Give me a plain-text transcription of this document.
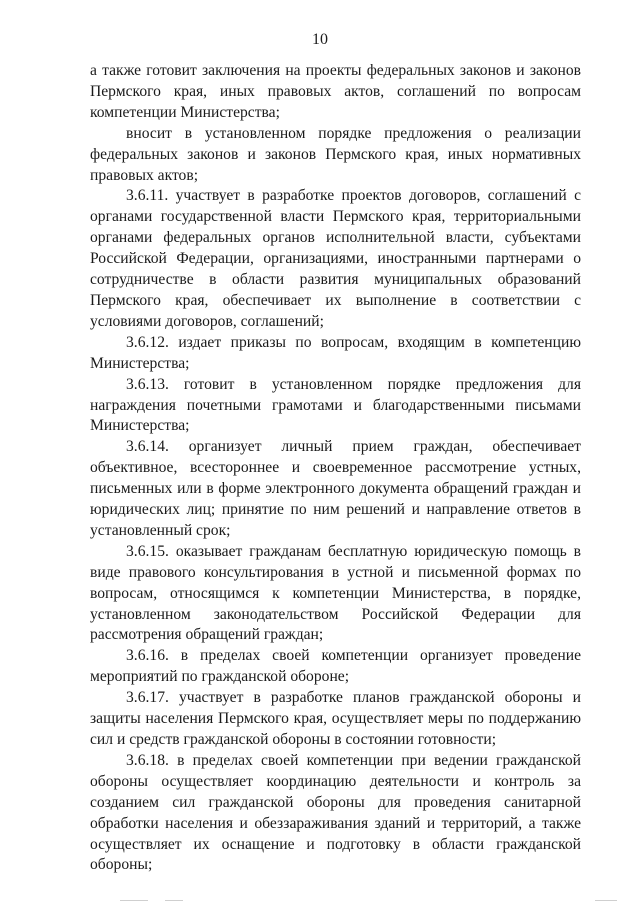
10

а также готовит заключения на проекты федеральных законов и законов Пермского края, иных правовых актов, соглашений по вопросам компетенции Министерства;

вносит в установленном порядке предложения о реализации федеральных законов и законов Пермского края, иных нормативных правовых актов;

3.6.11. участвует в разработке проектов договоров, соглашений с органами государственной власти Пермского края, территориальными органами федеральных органов исполнительной власти, субъектами Российской Федерации, организациями, иностранными партнерами о сотрудничестве в области развития муниципальных образований Пермского края, обеспечивает их выполнение в соответствии с условиями договоров, соглашений;

3.6.12. издает приказы по вопросам, входящим в компетенцию Министерства;

3.6.13. готовит в установленном порядке предложения для награждения почетными грамотами и благодарственными письмами Министерства;

3.6.14. организует личный прием граждан, обеспечивает объективное, всестороннее и своевременное рассмотрение устных, письменных или в форме электронного документа обращений граждан и юридических лиц; принятие по ним решений и направление ответов в установленный срок;

3.6.15. оказывает гражданам бесплатную юридическую помощь в виде правового консультирования в устной и письменной формах по вопросам, относящимся к компетенции Министерства, в порядке, установленном законодательством Российской Федерации для рассмотрения обращений граждан;

3.6.16. в пределах своей компетенции организует проведение мероприятий по гражданской обороне;

3.6.17. участвует в разработке планов гражданской обороны и защиты населения Пермского края, осуществляет меры по поддержанию сил и средств гражданской обороны в состоянии готовности;

3.6.18. в пределах своей компетенции при ведении гражданской обороны осуществляет координацию деятельности и контроль за созданием сил гражданской обороны для проведения санитарной обработки населения и обеззараживания зданий и территорий, а также осуществляет их оснащение и подготовку в области гражданской обороны;
